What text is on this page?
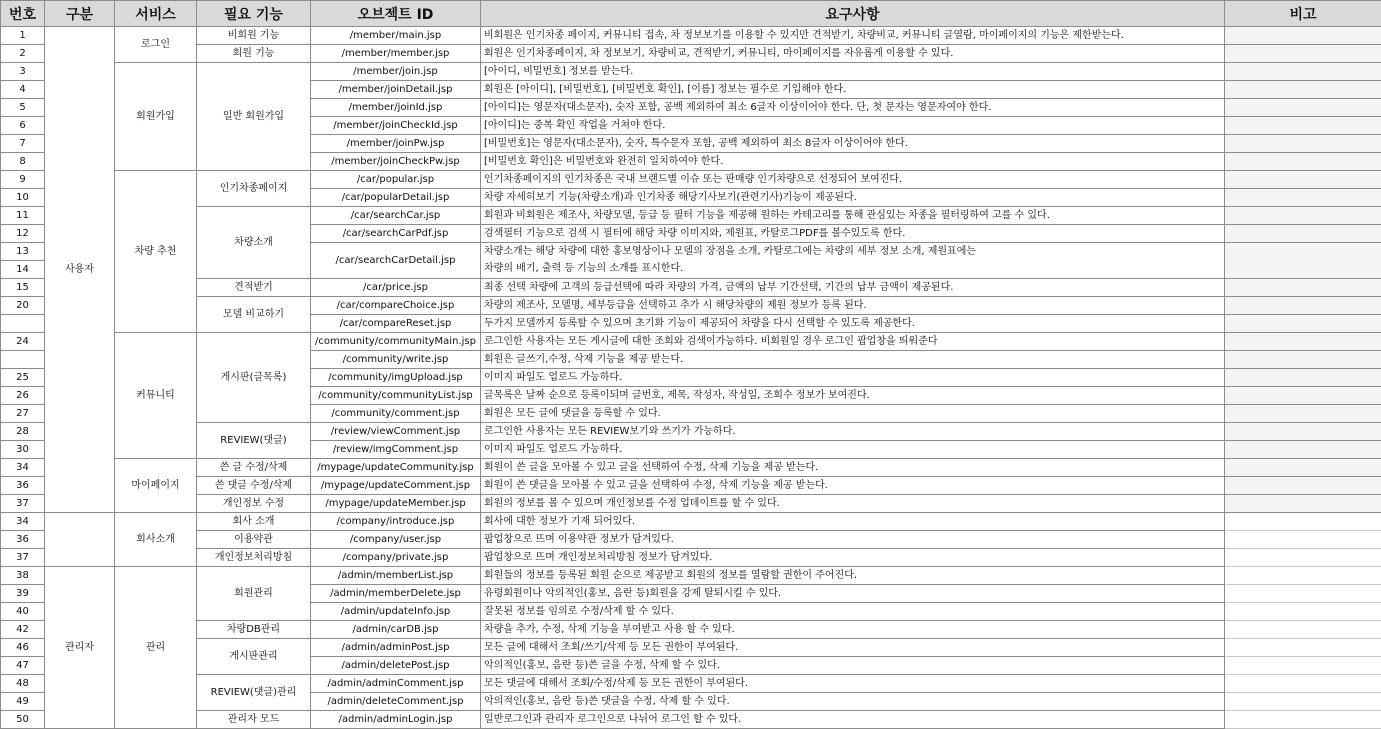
번호	구분	서비스	필요 기능	오브젝트 ID	요구사항	비고
1	사용자	로그인	비회원 기능	/member/main.jsp	비회원은 인기차종 페이지, 커뮤니티 접속, 차 정보보기를 이용할 수 있지만 견적받기, 차량비교, 커뮤니티 글열람, 마이페이지의 기능은 제한받는다.	
2			회원 기능	/member/member.jsp	회원은 인기차종페이지, 차 정보보기, 차량비교, 견적받기, 커뮤니티, 마이페이지를 자유롭게 이용할 수 있다.	
3		회원가입	일반 회원가입	/member/join.jsp	[아이디, 비밀번호] 정보를 받는다.	
4				/member/joinDetail.jsp	회원은 [아이디], [비밀번호], [비밀번호 확인], [이름] 정보는 필수로 기입해야 한다.	
5				/member/joinId.jsp	[아이디]는 영문자(대소문자), 숫자 포함, 공백 제외하여 최소 6글자 이상이어야 한다. 단, 첫 문자는 영문자여야 한다.	
6				/member/joinCheckId.jsp	[아이디]는 중복 확인 작업을 거쳐야 한다.	
7				/member/joinPw.jsp	[비밀번호]는 영문자(대소문자), 숫자, 특수문자 포함, 공백 제외하여 최소 8글자 이상이어야 한다.	
8				/member/joinCheckPw.jsp	[비밀번호 확인]은 비밀번호와 완전히 일치하여야 한다.	
9		차량 추천	인기차종페이지	/car/popular.jsp	인기차종페이지의 인기차종은 국내 브랜드별 이슈 또는 판매량 인기차량으로 선정되어 보여진다.	
10				/car/popularDetail.jsp	차량 자세히보기 기능(차량소개)과 인기차종 해당기사보기(관련기사)기능이 제공된다.	
11			차량소개	/car/searchCar.jsp	회원과 비회원은 제조사, 차량모델, 등급 등 필터 기능을 제공해 원하는 카테고리를 통해 관심있는 차종을 필터링하여 고를 수 있다.	
12				/car/searchCarPdf.jsp	검색필터 기능으로 검색 시 필터에 해당 차량 이미지와, 제원표, 카탈로그PDF를 볼수있도록 한다.	
13				/car/searchCarDetail.jsp	차량소개는 해당 차량에 대한 홍보영상이나 모델의 장점을 소개, 카탈로그에는 차량의 세부 정보 소개, 제원표에는	
14					차량의 배기, 출력 등 기능의 소개를 표시한다.	
15			견적받기	/car/price.jsp	최종 선택 차량에 고객의 등급선택에 따라 차량의 가격, 금액의 납부 기간선택, 기간의 납부 금액이 제공된다.	
20			모델 비교하기	/car/compareChoice.jsp	차량의 제조사, 모델명, 세부등급을 선택하고 추가 시 해당차량의 제원 정보가 등록 된다.	
				/car/compareReset.jsp	두가지 모델까지 등록할 수 있으며 초기화 기능이 제공되어 차량을 다시 선택할 수 있도록 제공한다.	
24		커뮤니티	게시판(글목록)	/community/communityMain.jsp	로그인한 사용자는 모든 게시글에 대한 조회와 검색이가능하다. 비회원일 경우 로그인 팝업창을 띄워준다	
				/community/write.jsp	회원은 글쓰기,수정, 삭제 기능을 제공 받는다.	
25				/community/imgUpload.jsp	이미지 파일도 업로드 가능하다.	
26				/community/communityList.jsp	글목록은 날짜 순으로 등록이되며 글번호, 제목, 작성자, 작성일, 조회수 정보가 보여진다.	
27				/community/comment.jsp	회원은 모든 글에 댓글을 등록할 수 있다.	
28			REVIEW(댓글)	/review/viewComment.jsp	로그인한 사용자는 모든 REVIEW보기와 쓰기가 가능하다.	
30				/review/imgComment.jsp	이미지 파일도 업로드 가능하다.	
34		마이페이지	쓴 글 수정/삭제	/mypage/updateCommunity.jsp	회원이 쓴 글을 모아볼 수 있고 글을 선택하여 수정, 삭제 기능을 제공 받는다.	
36			쓴 댓글 수정/삭제	/mypage/updateComment.jsp	회원이 쓴 댓글을 모아볼 수 있고 글을 선택하여 수정, 삭제 기능을 제공 받는다.	
37			개인정보 수정	/mypage/updateMember.jsp	회원의 정보를 볼 수 있으며 개인정보를 수정 업데이트를 할 수 있다.	
34		회사소개	회사 소개	/company/introduce.jsp	회사에 대한 정보가 기재 되어있다.	
36			이용약관	/company/user.jsp	팝업창으로 뜨며 이용약관 정보가 담겨있다.	
37			개인정보처리방침	/company/private.jsp	팝업창으로 뜨며 개인정보처리방침 정보가 담겨있다.	
38	관리자	관리	회원관리	/admin/memberList.jsp	회원들의 정보를 등록된 회원 순으로 제공받고 회원의 정보를 열람할 권한이 주어진다.	
39				/admin/memberDelete.jsp	유령회원이나 악의적인(홍보, 음란 등)회원을 강제 탈퇴시킬 수 있다.	
40				/admin/updateInfo.jsp	잘못된 정보를 임의로 수정/삭제 할 수 있다.	
42			차량DB관리	/admin/carDB.jsp	차량을 추가, 수정, 삭제 기능을 부여받고 사용 할 수 있다.	
46			게시판관리	/admin/adminPost.jsp	모든 글에 대해서 조회/쓰기/삭제 등 모든 권한이 부여된다.	
47				/admin/deletePost.jsp	악의적인(홍보, 음란 등)쓴 글을 수정, 삭제 할 수 있다.	
48			REVIEW(댓글)관리	/admin/adminComment.jsp	모든 댓글에 대해서 조회/수정/삭제 등 모든 권한이 부여된다.	
49				/admin/deleteComment.jsp	악의적인(홍보, 음란 등)쓴 댓글을 수정, 삭제 할 수 있다.	
50			관리자 모드	/admin/adminLogin.jsp	일반로그인과 관리자 로그인으로 나뉘어 로그인 할 수 있다.	
